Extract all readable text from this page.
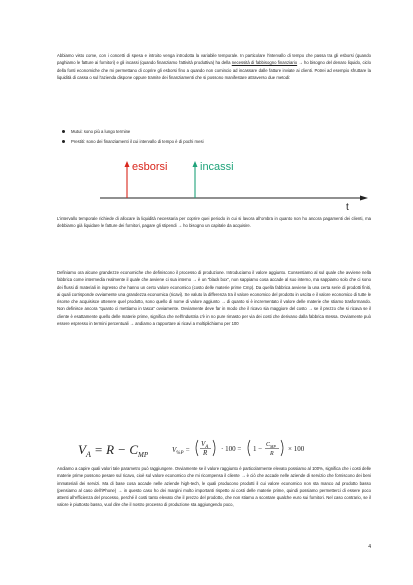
Abbiamo visto come, con i concetti di spesa e introito venga introdotta la variabile temporale. In particolare l'intervallo di tempo che passa tra gli esborsi (quando paghiamo le fatture ai fornitori) e gli incassi (quando finanziamo l'attività produttiva) ha della necessità di fabbisogno finanziario → ho bisogno del denaro liquido, ciclo della fonti economiche che mi permettano di coprire gli esborsi fino a quando non comincio ad incassare dalle fatture inviate ai clienti. Potrei ad esempio sfruttare la liquidità di cassa o sul l'azienda dispone oppure tramite dei finanziamenti che si possono manifestare attraverso due metodi:

Mutui: sono più a lungo termine
Prestiti: sono dei finanziamenti il cui intervallo di tempo è di pochi mesi
esborsi	incassi
t

L'intervallo temporale richiede di allocare la liquidità necessaria per coprire quei periodo in cui si lavora all'ombra in quanto non ho ancora pagamenti dei clienti, ma debbiamo già liquidare le fatture dei fornitori, pagare gli stipendi → ho bisogno un capitale da acquisire.

Definiamo ora alcune grandezze economiche che definiscono il processo di produzione. Introduciamo il valore aggiunto. Consentiamo al sul quale che avviene nella fabbrica come intermedia realmente il quale che avviene ci sua interno → è un "black box", non sappiamo cosa accade al suo interno, ma sappiamo solo che ci sono dei flussi di materiali in ingresso che hanno un certo valore economico (costo delle materie prime Cmp). Da quella fabbrica avviene la una certa serie di prodotti finiti, ai quali corrisponde ovviamente una grandezza economica (ricavi). Se valuto la differenza tra il valore economico del prodotto in uscita e il valore economico di tutte le risorse che acquisisce ottenere quel prodotto, sono quello di nome di valore aggiunto → di quanto si è incrementato il valore delle materie che stiamo trasformando. Non definisce ancora "quanto ci mettiamo in tasca" ovviamente. Ovviamente deve far in modo che il ricavo sia maggiore del costo → se il prezzo che si ricava se il cliente è esattamente quello delle materie prime, significa che nell'industria c'è in no pure rimasto per via dei costi che derivano dalla fabbrica stessa. Ovviamente può essere espresso in termini percentuali → andiamo a rapportare ai ricavi a moltiplichiamo per 100

$V_A = R - C_{MP}$
$V_{\%P}$ =
$V_A$
$R \cdot 100 = 1 - C_{MP}$
R
× 100

Andiamo a capire quali valori tale parametro può raggiungere. Ovviamente se il valore raggiunto è particolarmente elevato possiamo al 100%, significa che i costi delle materie prime possono pesare sul ricavo, cioè sul valore economico che mi ricompensa il cliente → è ciò che accade nelle aziende di servizio che forniscono dei beni immateriali dei servizi. Ma di base cosa accade nelle aziende high-tech, le quali producono prodotti il cui valore economico non sta manco ad prodotto basso (pensiamo al caso dell'iPhone) → in questo caso ho dei margini molto importanti rispetto ai costi delle materie prime, quindi possiamo permetterci di essere poco attenti all'efficienza del processo, perché il costi tanto elevato che il prezzo del prodotto, che non stiamo a scontare qualche euro sui fornitori. Nel caso contrario, se il valore è piuttosto basso, vuol dire che il nostro processo di produzione sta aggiungendo poco,

4
